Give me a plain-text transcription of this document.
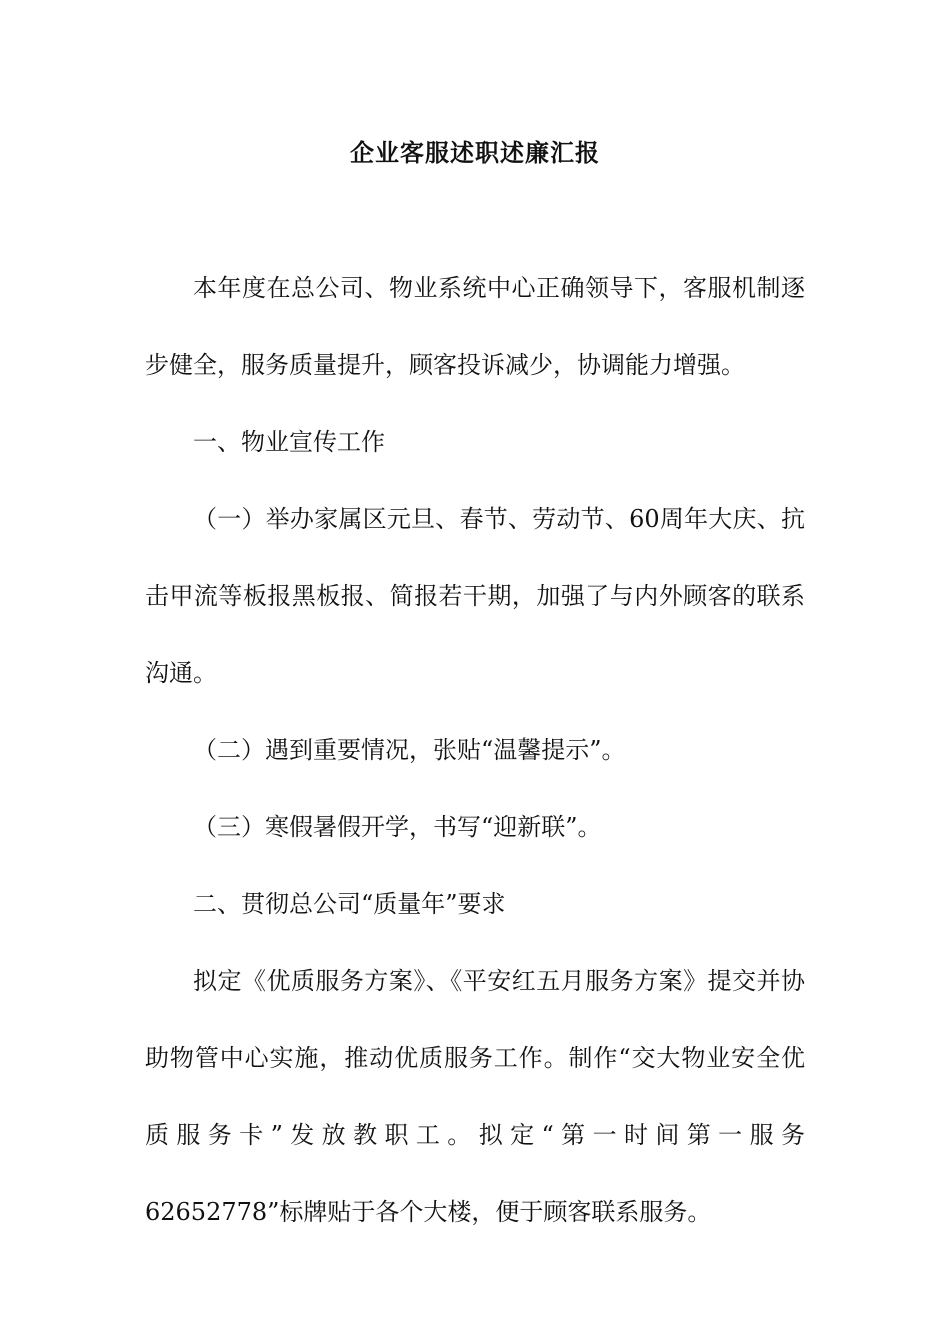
企业客服述职述廉汇报

本年度在总公司、物业系统中心正确领导下，客服机制逐步健全，服务质量提升，顾客投诉减少，协调能力增强。

一、物业宣传工作

（一）举办家属区元旦、春节、劳动节、60周年大庆、抗击甲流等板报黑板报、简报若干期，加强了与内外顾客的联系沟通。

（二）遇到重要情况，张贴“温馨提示”。

（三）寒假暑假开学，书写“迎新联”。

二、贯彻总公司“质量年”要求

拟定《优质服务方案》、《平安红五月服务方案》提交并协助物管中心实施，推动优质服务工作。制作“交大物业安全优质服务卡”发放教职工。拟定“第一时间第一服务

62652778”标牌贴于各个大楼，便于顾客联系服务。
